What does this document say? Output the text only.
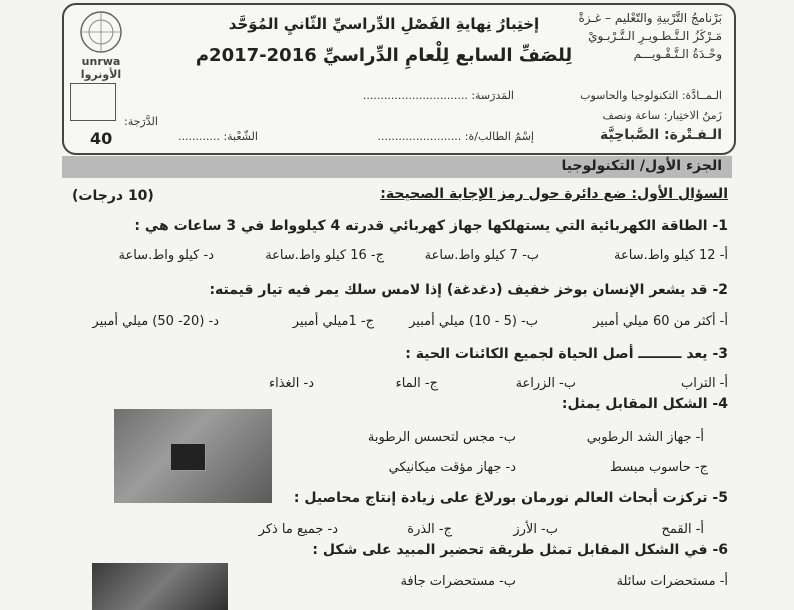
بَرْنامجُ التَّرْبيةِ والتّعْليم – غـزةْ
مَـرْكَزُ الـتَّـطـويـرِ الـتَّـرْبـويْ
وحْـدَةُ الـتَّـقْـويـــم
إختِبارُ نِهايةِ الفَصْلِ الدِّراسيِّ الثّانيِ المُوَحَّد
لِلصَفِّ السابع لِلْعامِ الدِّراسيِّ 2016-2017م
الـمــادَّة: التكنولوجيا والحاسوب
المَدرَسة: ..............................
زَمنُ الاختِبار: ساعة ونصف
الدَّرَجة:
الـفـتْرة: الصَّباحِيَّة
إسْمُ الطالب/ة: ........................
الشّعْبة: ............
unrwa الأونروا
40
الجزء الأول/ التكنولوجيا
السؤال الأول: ضع دائرة حول رمز الإجابة الصحيحة:
(10 درجات)
1- الطاقة الكهربائية التي يستهلكها جهاز كهربائي قدرته 4 كيلوواط في 3 ساعات هي :
أ- 12 كيلو واط.ساعة
ب- 7 كيلو واط.ساعة
ج- 16 كيلو واط.ساعة
د- كيلو واط.ساعة
2- قد يشعر الإنسان بوخز خفيف (دغدغة) إذا لامس سلك يمر فيه تيار قيمته:
أ- أكثر من 60 ميلي أمبير
ب- (5 - 10) ميلي أمبير
ج- 1ميلي أمبير
د- (20- 50) ميلي أمبير
3- يعد ـــــــــ أصل الحياة لجميع الكائنات الحية :
أ- التراب
ب- الزراعة
ج- الماء
د- الغذاء
4- الشكل المقابل يمثل:
أ- جهاز الشد الرطوبي
ب- مجس لتحسس الرطوبة
ج- حاسوب مبسط
د- جهاز مؤقت ميكانيكي
5- تركزت أبحاث العالم نورمان بورلاغ على زيادة إنتاج محاصيل :
أ- القمح
ب- الأرز
ج- الذرة
د- جميع ما ذكر
6- في الشكل المقابل تمثل طريقة تحضير المبيد على شكل :
أ- مستحضرات سائلة
ب- مستحضرات جافة
